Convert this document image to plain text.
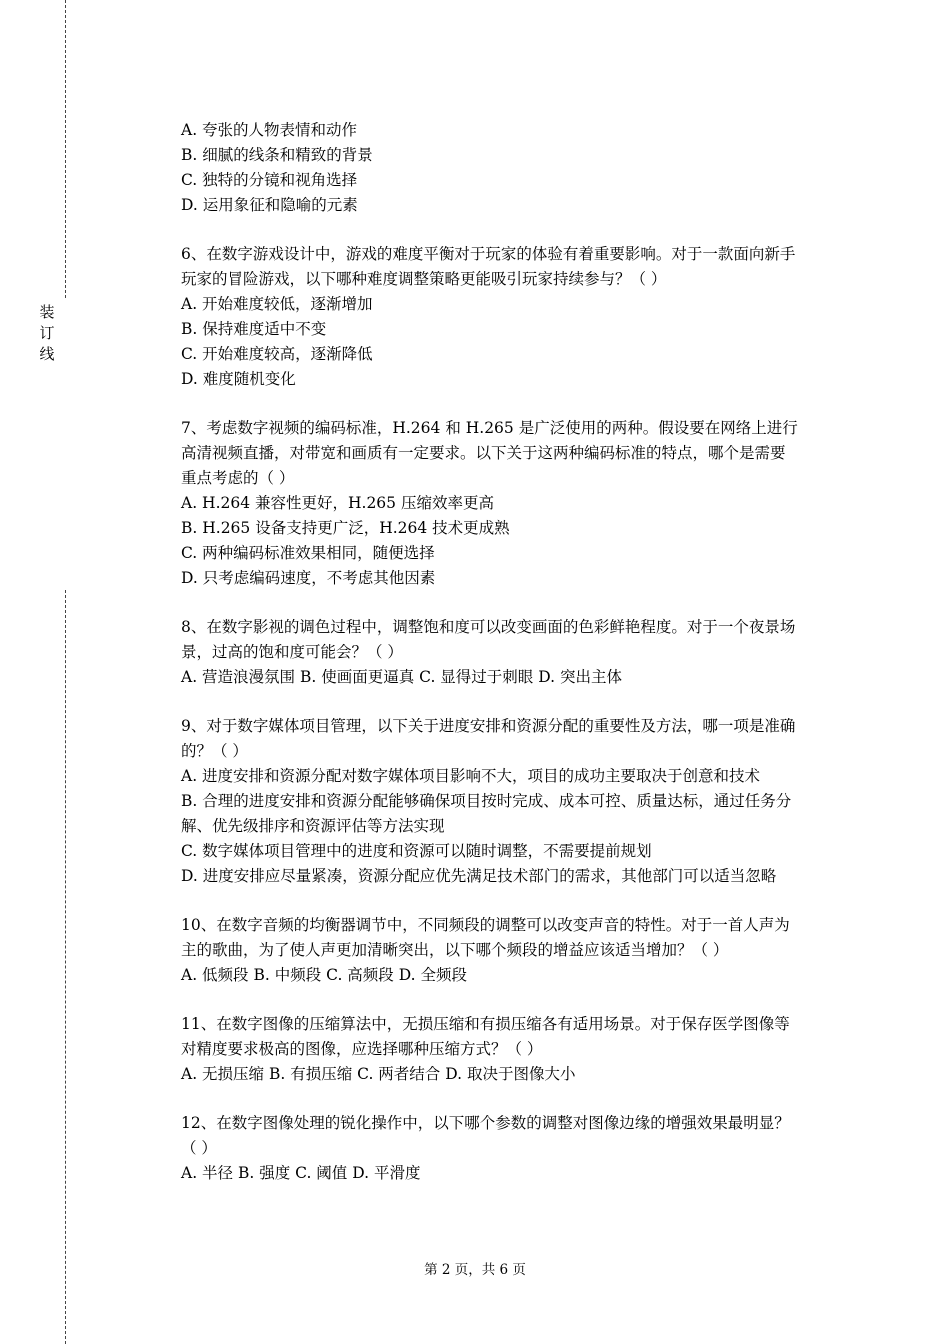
装
订
线
A. 夸张的人物表情和动作
B. 细腻的线条和精致的背景
C. 独特的分镜和视角选择
D. 运用象征和隐喻的元素
6、在数字游戏设计中，游戏的难度平衡对于玩家的体验有着重要影响。对于一款面向新手
玩家的冒险游戏，以下哪种难度调整策略更能吸引玩家持续参与？（ ）
A. 开始难度较低，逐渐增加
B. 保持难度适中不变
C. 开始难度较高，逐渐降低
D. 难度随机变化
7、考虑数字视频的编码标准，H.264 和 H.265 是广泛使用的两种。假设要在网络上进行
高清视频直播，对带宽和画质有一定要求。以下关于这两种编码标准的特点，哪个是需要
重点考虑的（ ）
A. H.264 兼容性更好，H.265 压缩效率更高
B. H.265 设备支持更广泛，H.264 技术更成熟
C. 两种编码标准效果相同，随便选择
D. 只考虑编码速度，不考虑其他因素
8、在数字影视的调色过程中，调整饱和度可以改变画面的色彩鲜艳程度。对于一个夜景场
景，过高的饱和度可能会？（ ）
A. 营造浪漫氛围 B. 使画面更逼真 C. 显得过于刺眼 D. 突出主体
9、对于数字媒体项目管理，以下关于进度安排和资源分配的重要性及方法，哪一项是准确
的？（ ）
A. 进度安排和资源分配对数字媒体项目影响不大，项目的成功主要取决于创意和技术
B. 合理的进度安排和资源分配能够确保项目按时完成、成本可控、质量达标，通过任务分
解、优先级排序和资源评估等方法实现
C. 数字媒体项目管理中的进度和资源可以随时调整，不需要提前规划
D. 进度安排应尽量紧凑，资源分配应优先满足技术部门的需求，其他部门可以适当忽略
10、在数字音频的均衡器调节中，不同频段的调整可以改变声音的特性。对于一首人声为
主的歌曲，为了使人声更加清晰突出，以下哪个频段的增益应该适当增加？（ ）
A. 低频段 B. 中频段 C. 高频段 D. 全频段
11、在数字图像的压缩算法中，无损压缩和有损压缩各有适用场景。对于保存医学图像等
对精度要求极高的图像，应选择哪种压缩方式？（ ）
A. 无损压缩 B. 有损压缩 C. 两者结合 D. 取决于图像大小
12、在数字图像处理的锐化操作中，以下哪个参数的调整对图像边缘的增强效果最明显？
（ ）
A. 半径 B. 强度 C. 阈值 D. 平滑度
第 2 页，共 6 页
